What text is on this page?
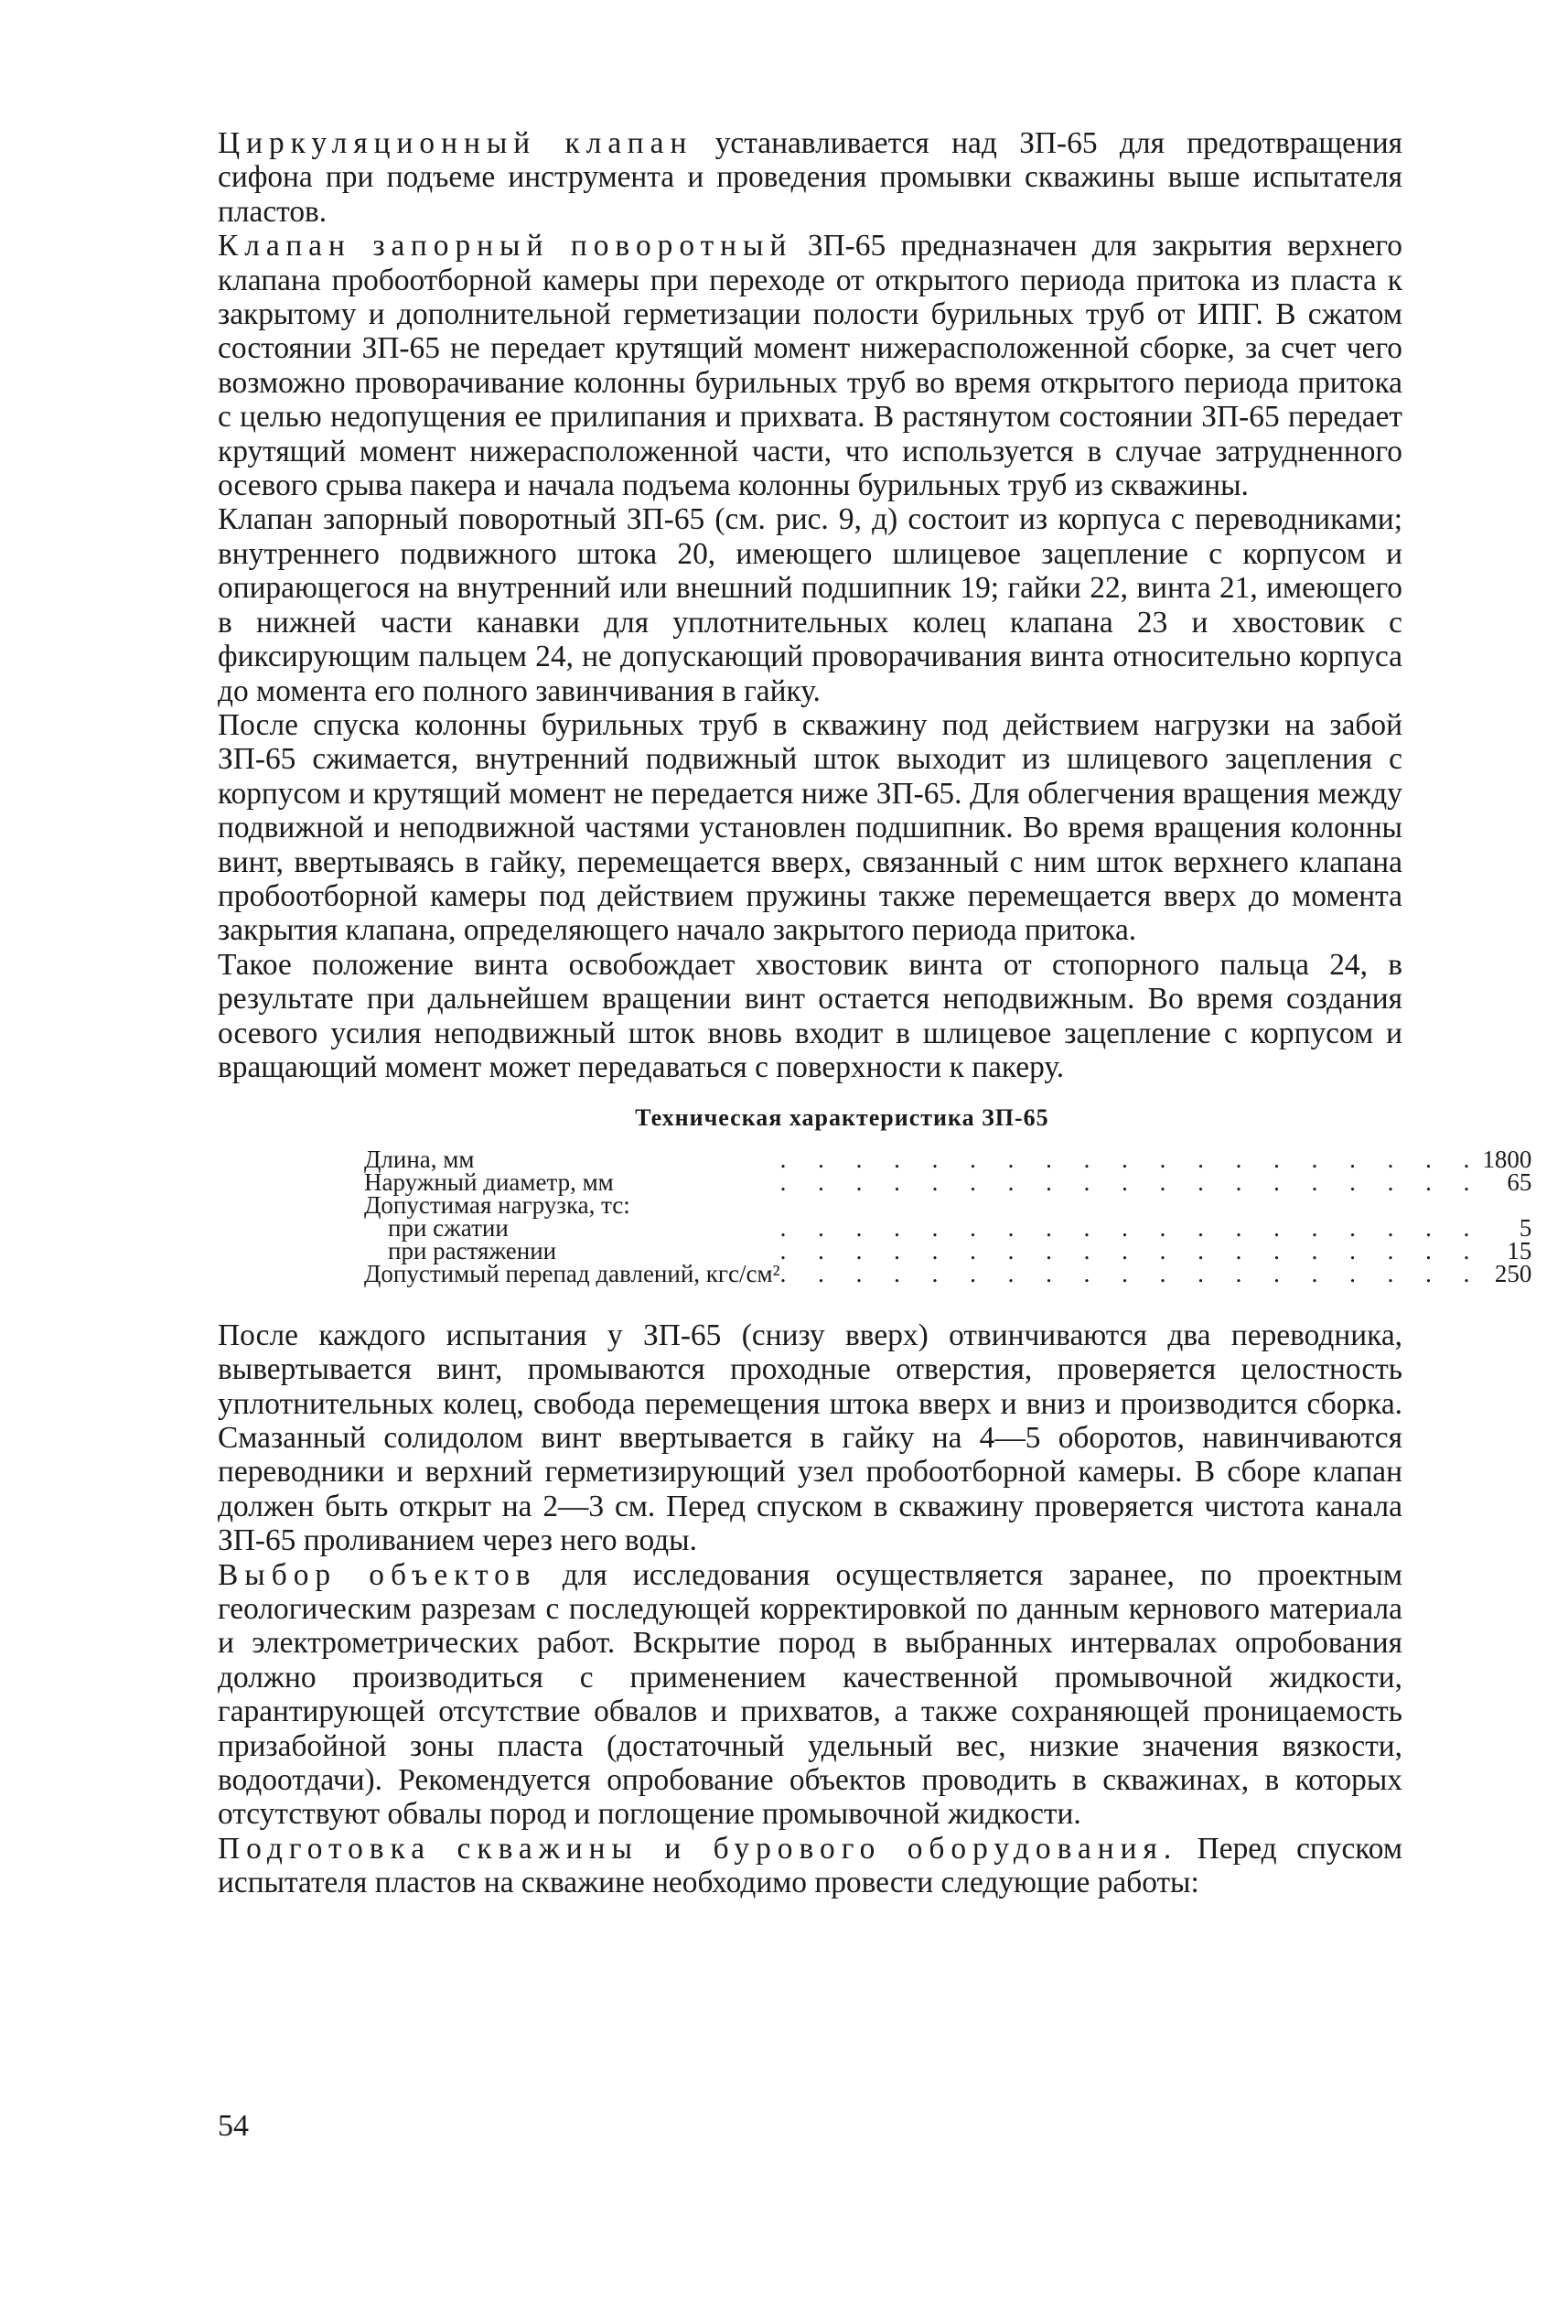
Циркуляционный клапан устанавливается над ЗП-65 для предотвращения сифона при подъеме инструмента и проведения промывки скважины выше испытателя пластов.

Клапан запорный поворотный ЗП-65 предназначен для закрытия верхнего клапана пробоотборной камеры при переходе от открытого периода притока из пласта к закрытому и дополнительной герметизации полости бурильных труб от ИПГ. В сжатом состоянии ЗП-65 не передает крутящий момент нижерасположенной сборке, за счет чего возможно проворачивание колонны бурильных труб во время открытого периода притока с целью недопущения ее прилипания и прихвата. В растянутом состоянии ЗП-65 передает крутящий момент нижерасположенной части, что используется в случае затрудненного осевого срыва пакера и начала подъема колонны бурильных труб из скважины.

Клапан запорный поворотный ЗП-65 (см. рис. 9, д) состоит из корпуса с переводниками; внутреннего подвижного штока 20, имеющего шлицевое зацепление с корпусом и опирающегося на внутренний или внешний подшипник 19; гайки 22, винта 21, имеющего в нижней части канавки для уплотнительных колец клапана 23 и хвостовик с фиксирующим пальцем 24, не допускающий проворачивания винта относительно корпуса до момента его полного завинчивания в гайку.

После спуска колонны бурильных труб в скважину под действием нагрузки на забой ЗП-65 сжимается, внутренний подвижный шток выходит из шлицевого зацепления с корпусом и крутящий момент не передается ниже ЗП-65. Для облегчения вращения между подвижной и неподвижной частями установлен подшипник. Во время вращения колонны винт, ввертываясь в гайку, перемещается вверх, связанный с ним шток верхнего клапана пробоотборной камеры под действием пружины также перемещается вверх до момента закрытия клапана, определяющего начало закрытого периода притока.

Такое положение винта освобождает хвостовик винта от стопорного пальца 24, в результате при дальнейшем вращении винт остается неподвижным. Во время создания осевого усилия неподвижный шток вновь входит в шлицевое зацепление с корпусом и вращающий момент может передаваться с поверхности к пакеру.

Техническая характеристика ЗП-65
Длина, мм	. . . . . . . . . . . . . . . . . . .	1800
Наружный диаметр, мм	. . . . . . . . . . . . . . . . . . .	65
Допустимая нагрузка, тс:		
при сжатии	. . . . . . . . . . . . . . . . . . .	5
при растяжении	. . . . . . . . . . . . . . . . . . .	15
Допустимый перепад давлений, кгс/см²	. . . . . . . . . . . . . . . . . . .	250

После каждого испытания у ЗП-65 (снизу вверх) отвинчиваются два переводника, вывертывается винт, промываются проходные отверстия, проверяется целостность уплотнительных колец, свобода перемещения штока вверх и вниз и производится сборка. Смазанный солидолом винт ввертывается в гайку на 4—5 оборотов, навинчиваются переводники и верхний герметизирующий узел пробоотборной камеры. В сборе клапан должен быть открыт на 2—3 см. Перед спуском в скважину проверяется чистота канала ЗП-65 проливанием через него воды.

Выбор объектов для исследования осуществляется заранее, по проектным геологическим разрезам с последующей корректировкой по данным кернового материала и электрометрических работ. Вскрытие пород в выбранных интервалах опробования должно производиться с применением качественной промывочной жидкости, гарантирующей отсутствие обвалов и прихватов, а также сохраняющей проницаемость призабойной зоны пласта (достаточный удельный вес, низкие значения вязкости, водоотдачи). Рекомендуется опробование объектов проводить в скважинах, в которых отсутствуют обвалы пород и поглощение промывочной жидкости.

Подготовка скважины и бурового оборудования. Перед спуском испытателя пластов на скважине необходимо провести следующие работы:

54
